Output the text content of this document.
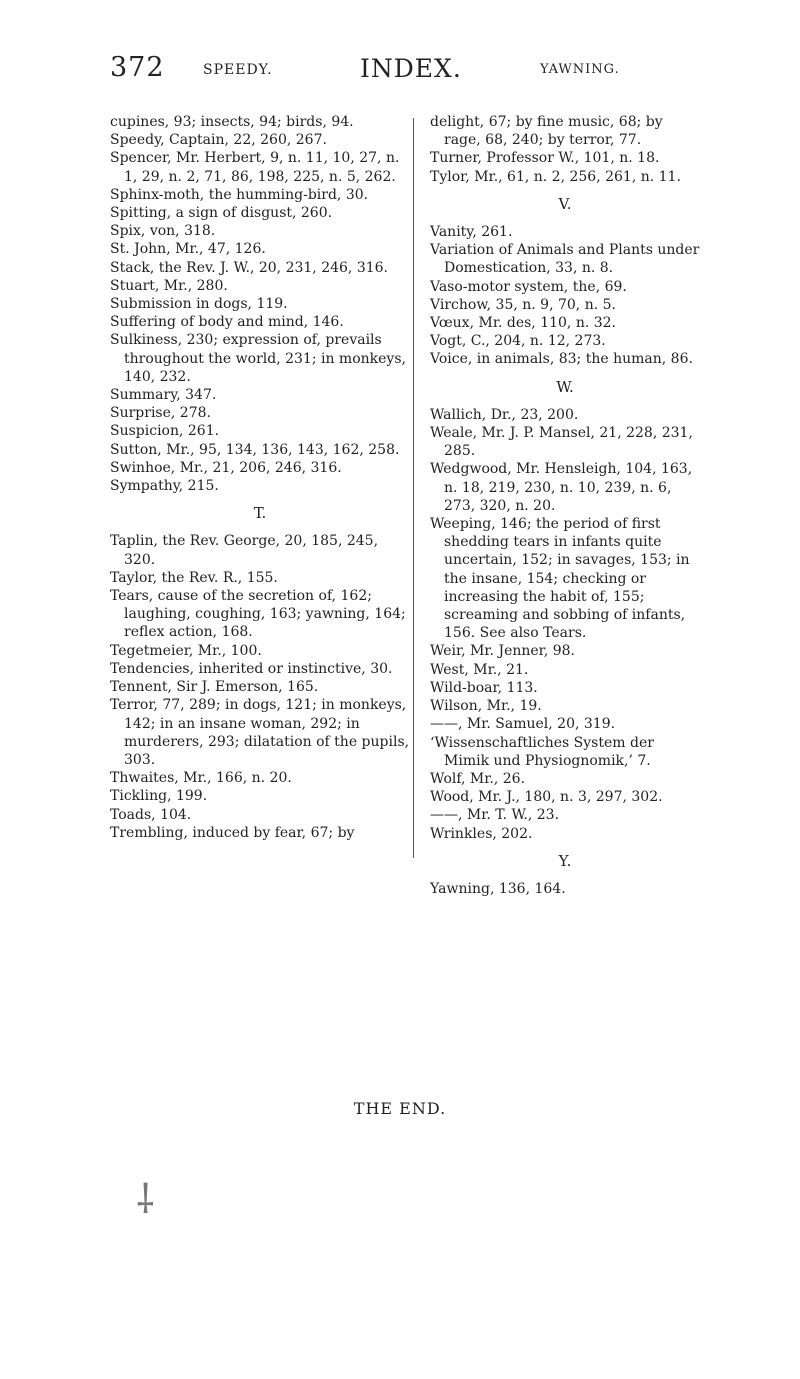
372	SPEEDY.	INDEX.	YAWNING.
cupines, 93; insects, 94; birds, 94.
Speedy, Captain, 22, 260, 267.
Spencer, Mr. Herbert, 9, n. 11, 10, 27, n. 1, 29, n. 2, 71, 86, 198, 225, n. 5, 262.
Sphinx-moth, the humming-bird, 30.
Spitting, a sign of disgust, 260.
Spix, von, 318.
St. John, Mr., 47, 126.
Stack, the Rev. J. W., 20, 231, 246, 316.
Stuart, Mr., 280.
Submission in dogs, 119.
Suffering of body and mind, 146.
Sulkiness, 230; expression of, prevails throughout the world, 231; in monkeys, 140, 232.
Summary, 347.
Surprise, 278.
Suspicion, 261.
Sutton, Mr., 95, 134, 136, 143, 162, 258.
Swinhoe, Mr., 21, 206, 246, 316.
Sympathy, 215.
T.
Taplin, the Rev. George, 20, 185, 245, 320.
Taylor, the Rev. R., 155.
Tears, cause of the secretion of, 162; laughing, coughing, 163; yawning, 164; reflex action, 168.
Tegetmeier, Mr., 100.
Tendencies, inherited or instinctive, 30.
Tennent, Sir J. Emerson, 165.
Terror, 77, 289; in dogs, 121; in monkeys, 142; in an insane woman, 292; in murderers, 293; dilatation of the pupils, 303.
Thwaites, Mr., 166, n. 20.
Tickling, 199.
Toads, 104.
Trembling, induced by fear, 67; by
delight, 67; by fine music, 68; by rage, 68, 240; by terror, 77.
Turner, Professor W., 101, n. 18.
Tylor, Mr., 61, n. 2, 256, 261, n. 11.
V.
Vanity, 261.
Variation of Animals and Plants under Domestication, 33, n. 8.
Vaso-motor system, the, 69.
Virchow, 35, n. 9, 70, n. 5.
Vœux, Mr. des, 110, n. 32.
Vogt, C., 204, n. 12, 273.
Voice, in animals, 83; the human, 86.
W.
Wallich, Dr., 23, 200.
Weale, Mr. J. P. Mansel, 21, 228, 231, 285.
Wedgwood, Mr. Hensleigh, 104, 163, n. 18, 219, 230, n. 10, 239, n. 6, 273, 320, n. 20.
Weeping, 146; the period of first shedding tears in infants quite uncertain, 152; in savages, 153; in the insane, 154; checking or increasing the habit of, 155; screaming and sobbing of infants, 156. See also Tears.
Weir, Mr. Jenner, 98.
West, Mr., 21.
Wild-boar, 113.
Wilson, Mr., 19.
——, Mr. Samuel, 20, 319.
‘Wissenschaftliches System der Mimik und Physiognomik,’ 7.
Wolf, Mr., 26.
Wood, Mr. J., 180, n. 3, 297, 302.
——, Mr. T. W., 23.
Wrinkles, 202.
Y.
Yawning, 136, 164.
THE END.
⸸
